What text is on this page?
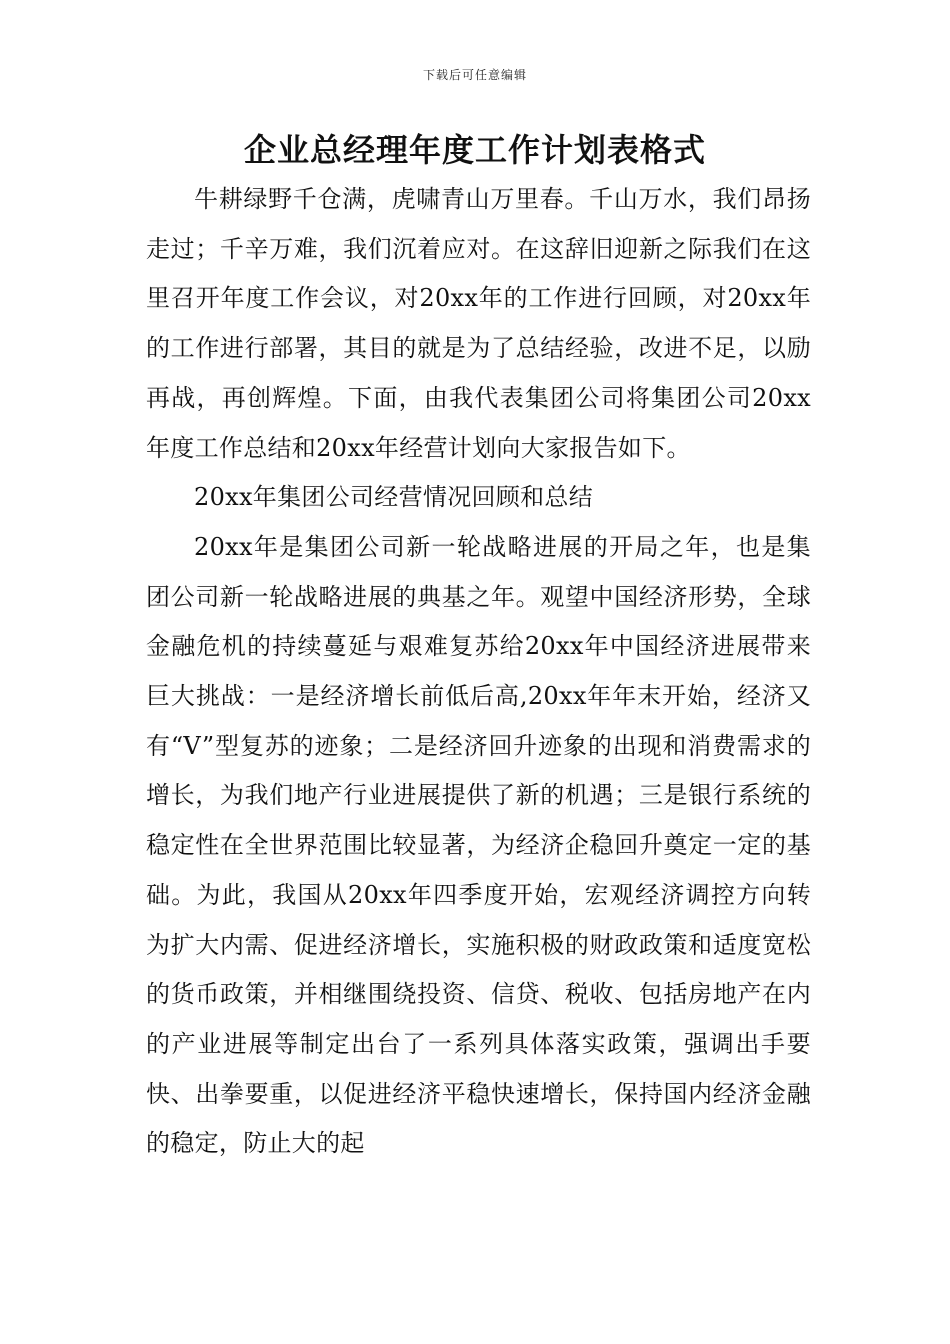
下载后可任意编辑
企业总经理年度工作计划表格式

牛耕绿野千仓满，虎啸青山万里春。千山万水，我们昂扬走过；千辛万难，我们沉着应对。在这辞旧迎新之际我们在这里召开年度工作会议，对20xx年的工作进行回顾，对20xx年的工作进行部署，其目的就是为了总结经验，改进不足，以励再战，再创辉煌。下面，由我代表集团公司将集团公司20xx年度工作总结和20xx年经营计划向大家报告如下。

20xx年集团公司经营情况回顾和总结

20xx年是集团公司新一轮战略进展的开局之年，也是集团公司新一轮战略进展的典基之年。观望中国经济形势，全球金融危机的持续蔓延与艰难复苏给20xx年中国经济进展带来巨大挑战：一是经济增长前低后高,20xx年年末开始，经济又有“V”型复苏的迹象；二是经济回升迹象的出现和消费需求的增长，为我们地产行业进展提供了新的机遇；三是银行系统的稳定性在全世界范围比较显著，为经济企稳回升奠定一定的基础。为此，我国从20xx年四季度开始，宏观经济调控方向转为扩大内需、促进经济增长，实施积极的财政政策和适度宽松的货币政策，并相继围绕投资、信贷、税收、包括房地产在内的产业进展等制定出台了一系列具体落实政策，强调出手要快、出拳要重，以促进经济平稳快速增长，保持国内经济金融的稳定，防止大的起
